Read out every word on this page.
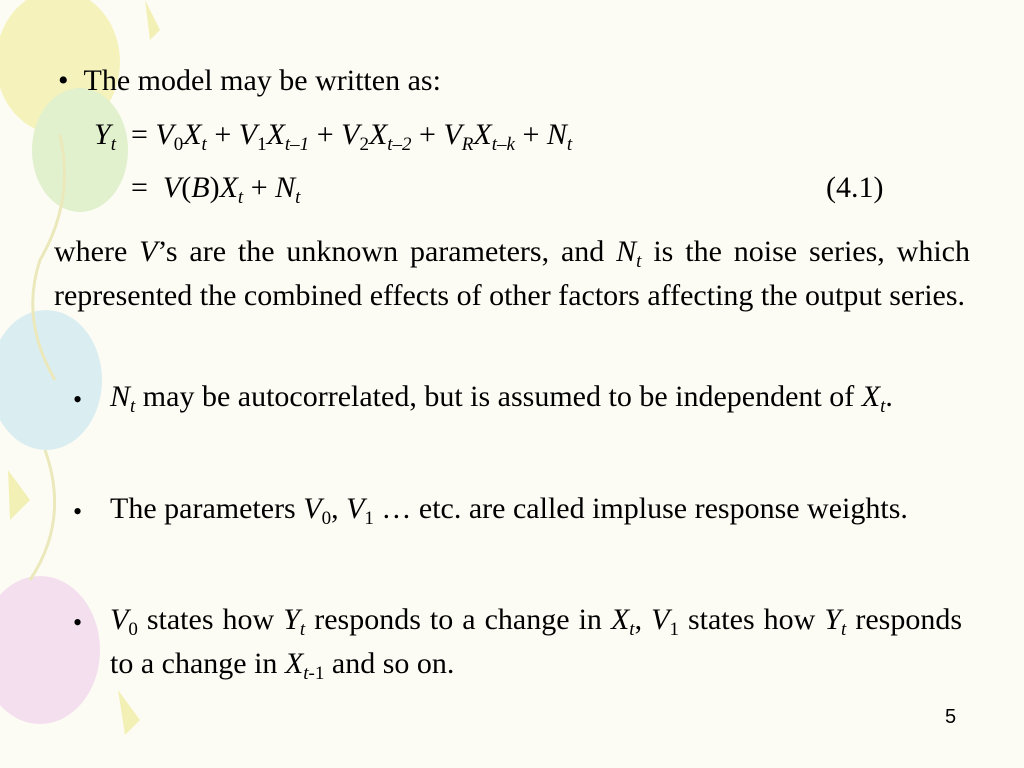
• The model may be written as:
$Y_t = V_0X_t + V_1X_{t-1} + V_2X_{t-2} + V_RX_{t-k} + N_t$
= $V(B)X_t + N_t$	(4.1)
where V’s are the unknown parameters, and $N_t$ is the noise series, which represented the combined effects of other factors affecting the output series.
• $N_t$ may be autocorrelated, but is assumed to be independent of $X_t$.
• The parameters $V_0$, $V_1$ … etc. are called impluse response weights.
• $V_0$ states how $Y_t$ responds to a change in $X_t$, $V_1$ states how $Y_t$ responds to a change in $X_{t-1}$ and so on.
5
